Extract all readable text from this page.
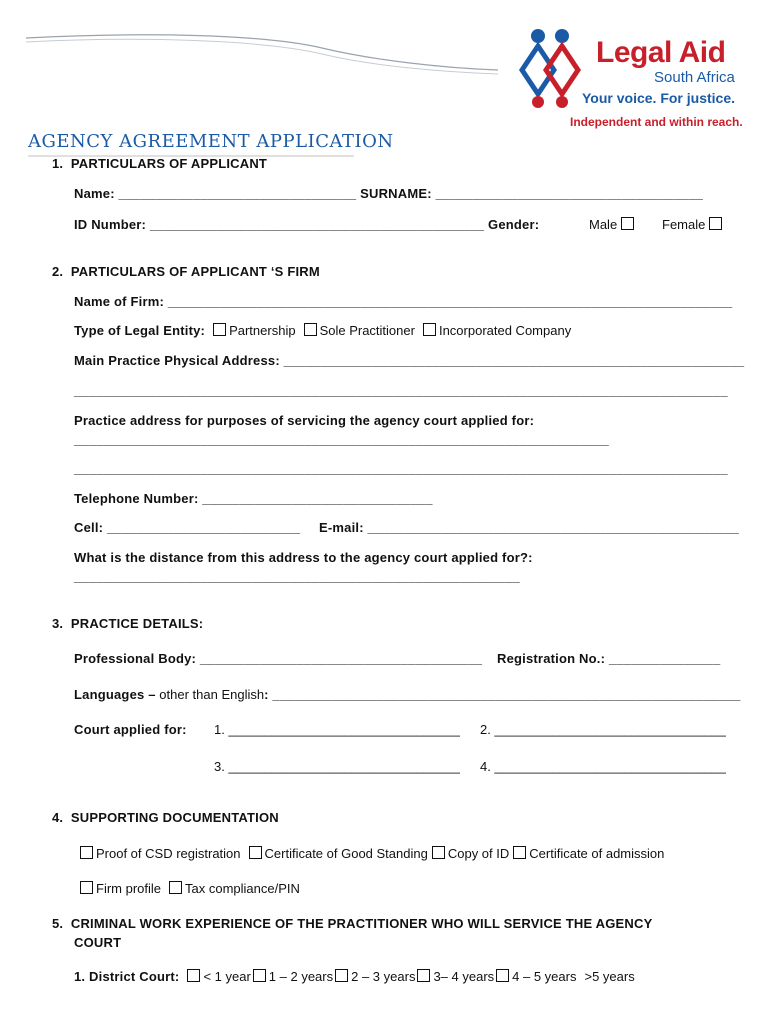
Legal Aid
South Africa
Your voice. For justice.
Independent and within reach.
AGENCY AGREEMENT APPLICATION
1.  PARTICULARS OF APPLICANT
Name: ________________________________ SURNAME: ____________________________________
ID Number: _____________________________________________ Gender:	Male	Female
2.  PARTICULARS OF APPLICANT ‘S FIRM
Name of Firm: ____________________________________________________________________________
Type of Legal Entity: Partnership Sole Practitioner Incorporated Company
Main Practice Physical Address: ______________________________________________________________
________________________________________________________________________________________
Practice address for purposes of servicing the agency court applied for:
________________________________________________________________________
________________________________________________________________________________________
Telephone Number: _______________________________
Cell: __________________________ E-mail: __________________________________________________
What is the distance from this address to the agency court applied for?:
____________________________________________________________
3.  PRACTICE DETAILS:
Professional Body: ______________________________________ Registration No.: _______________
Languages – other than English: _______________________________________________________________
Court applied for: 1. ________________________________ 2. ________________________________
3. ________________________________ 4. ________________________________
4.  SUPPORTING DOCUMENTATION
Proof of CSD registration Certificate of Good Standing Copy of ID Certificate of admission
Firm profile Tax compliance/PIN
5.  CRIMINAL WORK EXPERIENCE OF THE PRACTITIONER WHO WILL SERVICE THE AGENCY
COURT
1. District Court: < 1 year 1 – 2 years 2 – 3 years 3– 4 years 4 – 5 years >5 years
